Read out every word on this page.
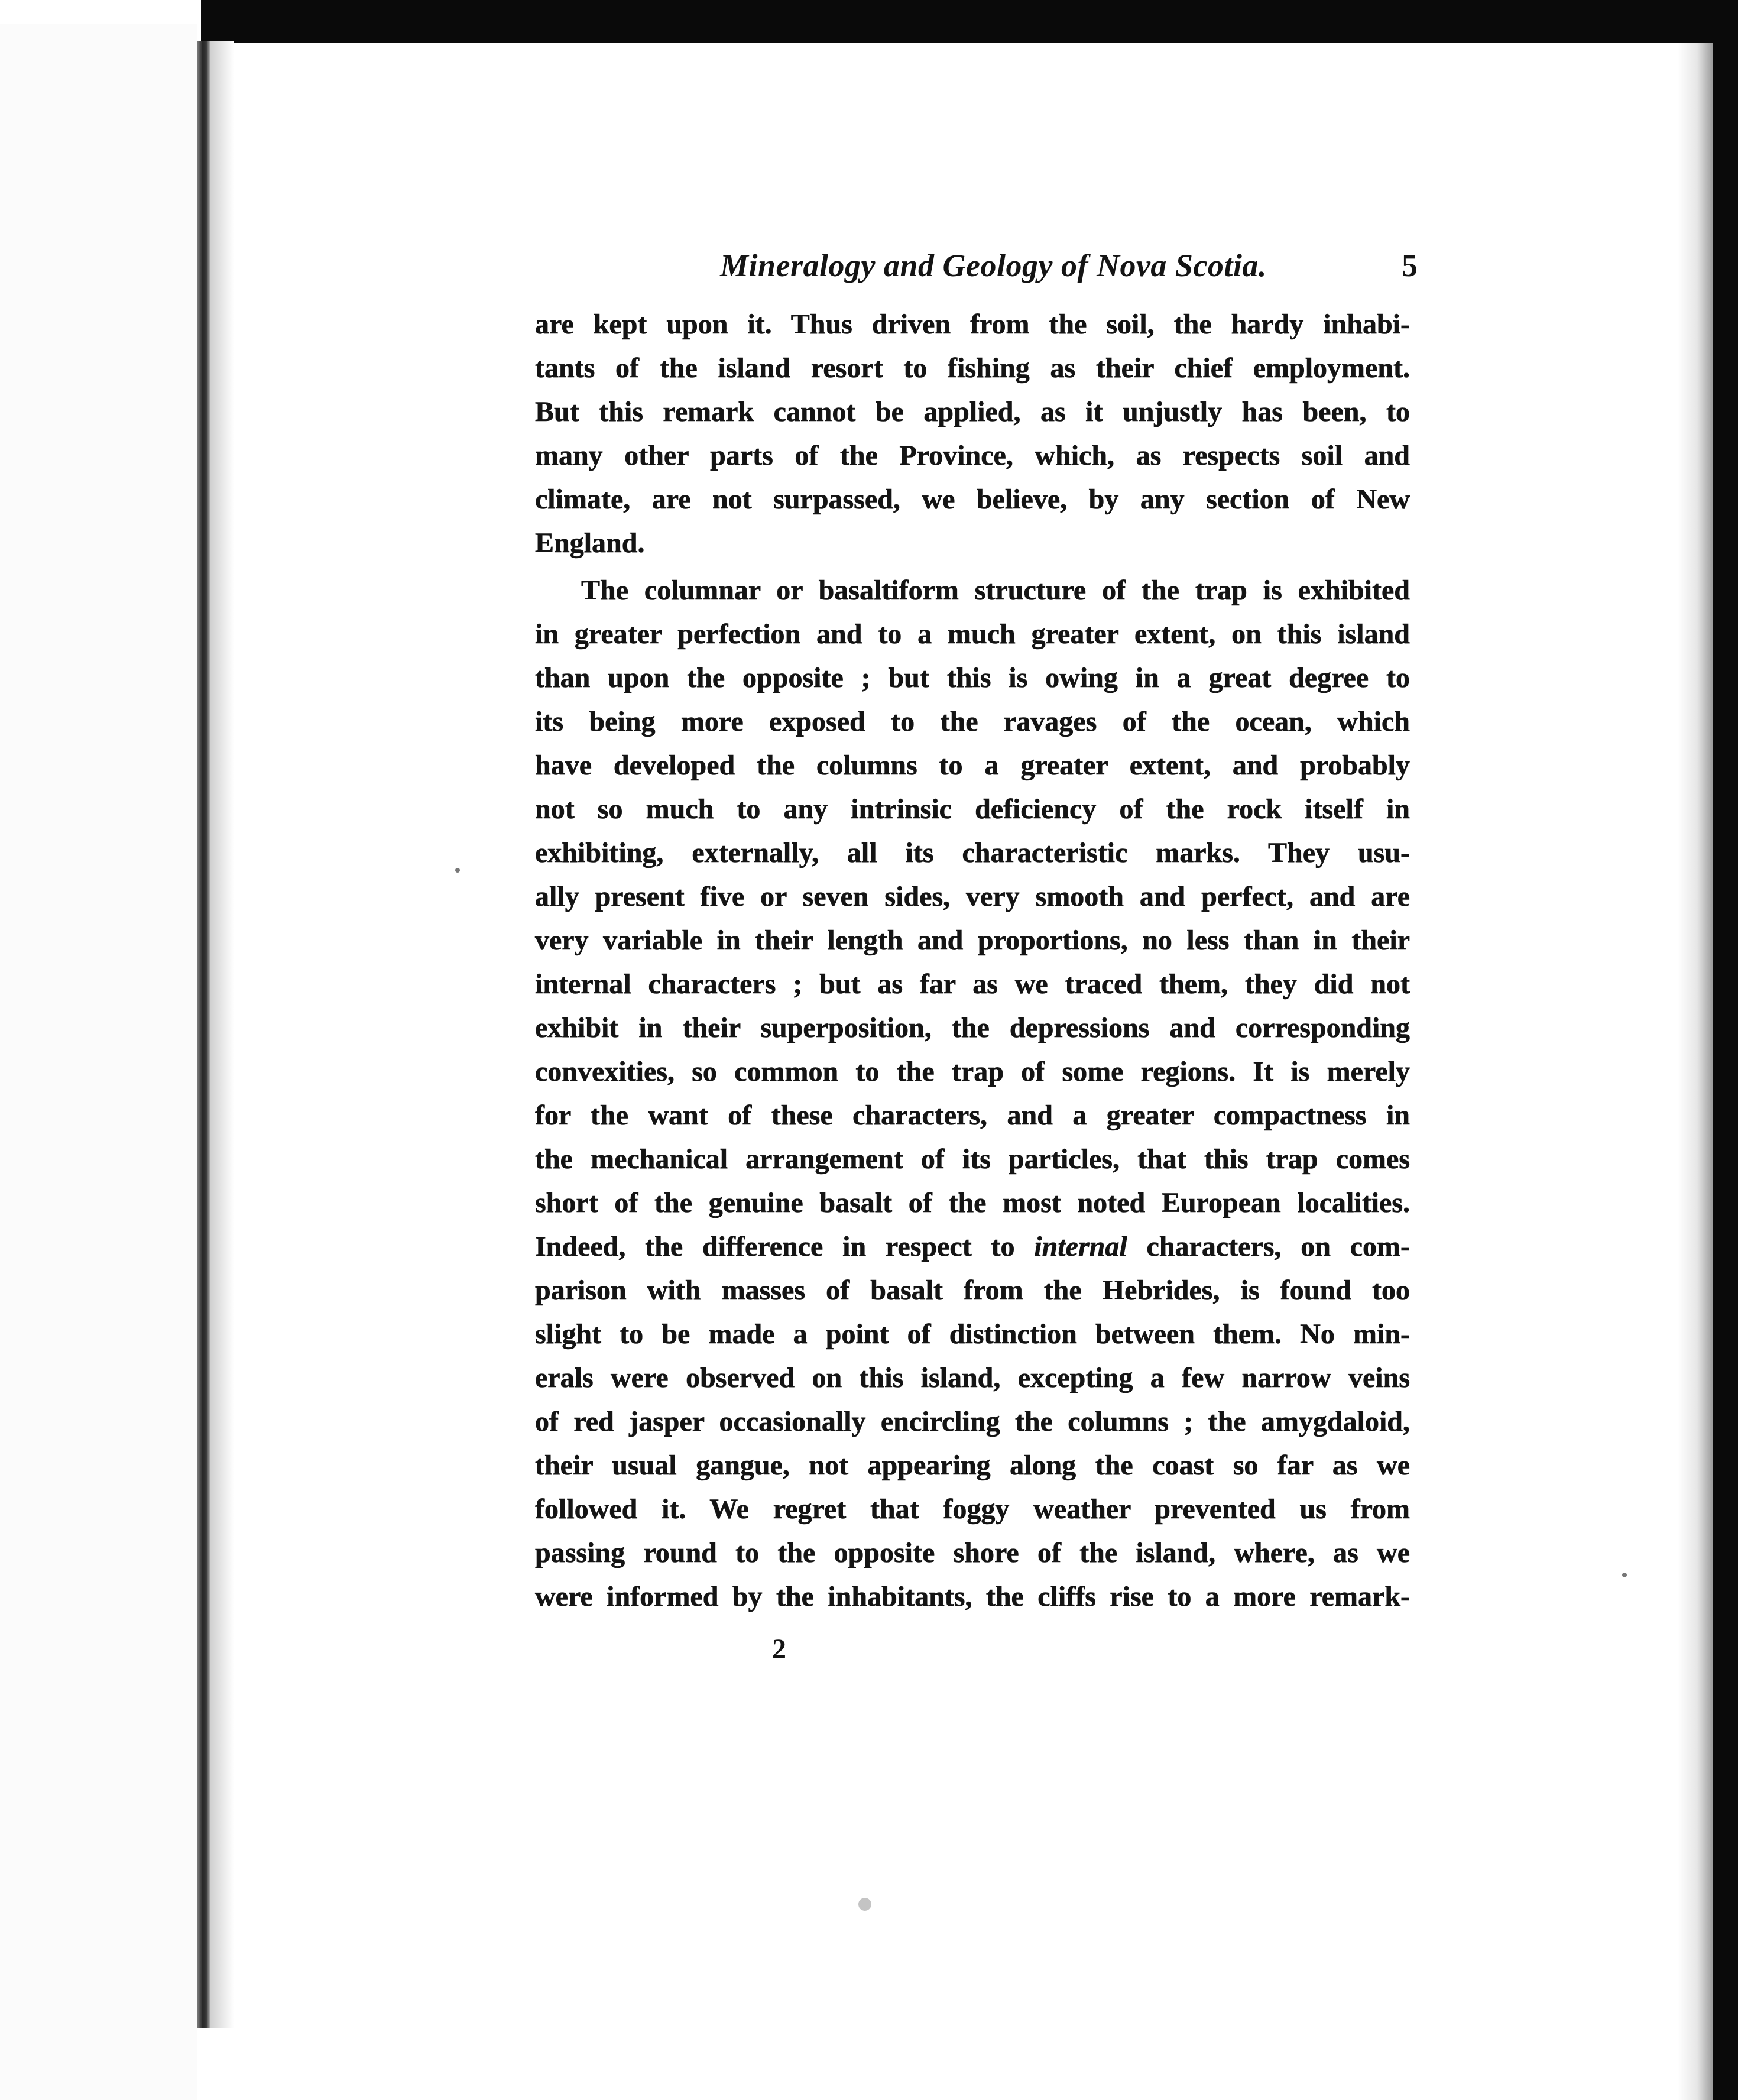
Mineralogy and Geology of Nova Scotia.	5
are kept upon it. Thus driven from the soil, the hardy inhabi-
tants of the island resort to fishing as their chief employment.
But this remark cannot be applied, as it unjustly has been, to
many other parts of the Province, which, as respects soil and
climate, are not surpassed, we believe, by any section of New
England.
The columnar or basaltiform structure of the trap is exhibited
in greater perfection and to a much greater extent, on this island
than upon the opposite ; but this is owing in a great degree to
its being more exposed to the ravages of the ocean, which
have developed the columns to a greater extent, and probably
not so much to any intrinsic deficiency of the rock itself in
exhibiting, externally, all its characteristic marks. They usu-
ally present five or seven sides, very smooth and perfect, and are
very variable in their length and proportions, no less than in their
internal characters ; but as far as we traced them, they did not
exhibit in their superposition, the depressions and corresponding
convexities, so common to the trap of some regions. It is merely
for the want of these characters, and a greater compactness in
the mechanical arrangement of its particles, that this trap comes
short of the genuine basalt of the most noted European localities.
Indeed, the difference in respect to internal characters, on com-
parison with masses of basalt from the Hebrides, is found too
slight to be made a point of distinction between them. No min-
erals were observed on this island, excepting a few narrow veins
of red jasper occasionally encircling the columns ; the amygdaloid,
their usual gangue, not appearing along the coast so far as we
followed it. We regret that foggy weather prevented us from
passing round to the opposite shore of the island, where, as we
were informed by the inhabitants, the cliffs rise to a more remark-
2
